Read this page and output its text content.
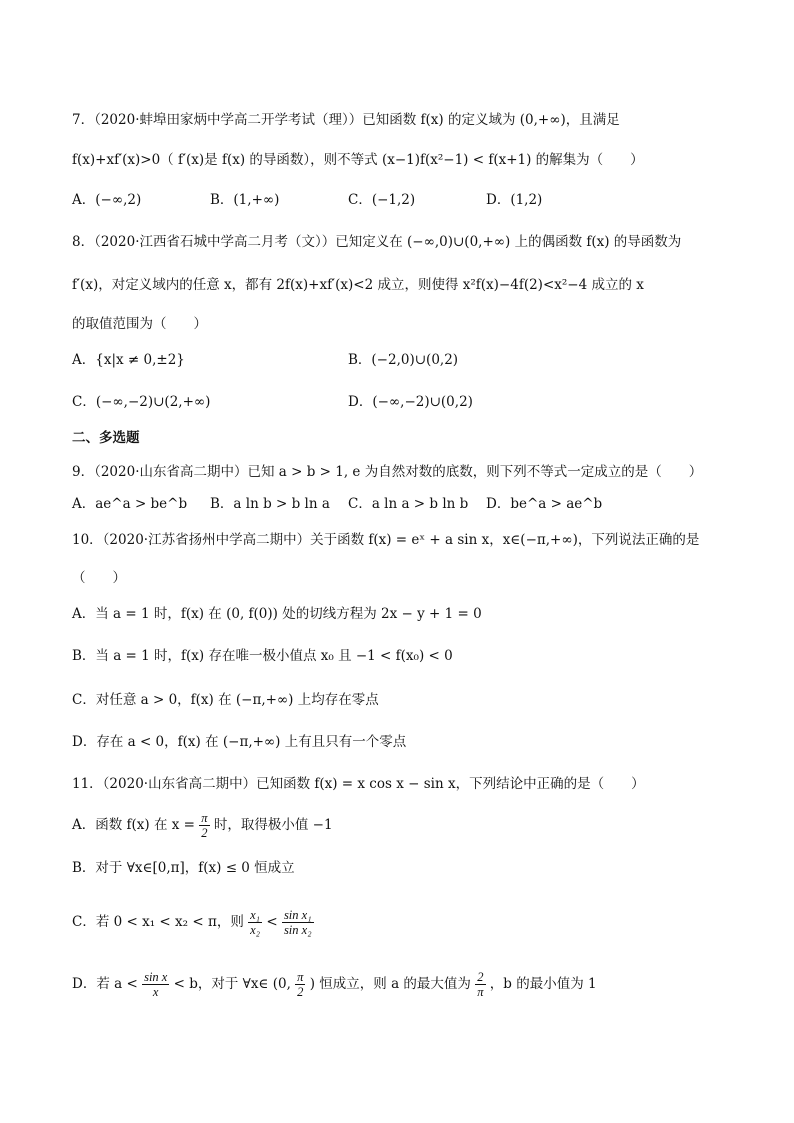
7．（2020·蚌埠田家炳中学高二开学考试（理））已知函数 f(x) 的定义域为 (0,+∞)，且满足
f(x)+xf′(x)>0（ f′(x)是 f(x) 的导函数），则不等式 (x−1)f(x²−1) < f(x+1) 的解集为（　　）
A．(−∞,2)	B．(1,+∞)	C．(−1,2)	D．(1,2)
8．（2020·江西省石城中学高二月考（文））已知定义在 (−∞,0)∪(0,+∞) 上的偶函数 f(x) 的导函数为
f′(x)，对定义域内的任意 x，都有 2f(x)+xf′(x)<2 成立，则使得 x²f(x)−4f(2)<x²−4 成立的 x
的取值范围为（　　）
A．{x|x ≠ 0,±2}	B．(−2,0)∪(0,2)
C．(−∞,−2)∪(2,+∞)	D．(−∞,−2)∪(0,2)
二、多选题
9．（2020·山东省高二期中）已知 a > b > 1, e 为自然对数的底数，则下列不等式一定成立的是（　　）
A．ae^a > be^b B．a ln b > b ln a C．a ln a > b ln b D．be^a > ae^b
10．（2020·江苏省扬州中学高二期中）关于函数 f(x) = eˣ + a sin x，x∈(−π,+∞)，下列说法正确的是
（　　）
A．当 a = 1 时，f(x) 在 (0, f(0)) 处的切线方程为 2x − y + 1 = 0
B．当 a = 1 时，f(x) 存在唯一极小值点 x₀ 且 −1 < f(x₀) < 0
C．对任意 a > 0，f(x) 在 (−π,+∞) 上均存在零点
D．存在 a < 0，f(x) 在 (−π,+∞) 上有且只有一个零点
11．（2020·山东省高二期中）已知函数 f(x) = x cos x − sin x，下列结论中正确的是（　　）
A．函数 f(x) 在 $x = \frac{\pi}{2}$ 时，取得极小值 −1
B．对于 ∀x∈[0,π]，f(x) ≤ 0 恒成立
C．若 0 < x₁ < x₂ < π，则 $\frac{\text{x₁}}{\text{x₂}} < \frac{\text{sin x₁}}{\text{sin x₂}}$
D．若 $a < \frac{\text{sin x}}{x} < b$，对于 ∀x∈ (0, $\frac{\pi}{2}$ ) 恒成立，则 a 的最大值为 $\frac{2}{\pi}$ ，b 的最小值为 1
